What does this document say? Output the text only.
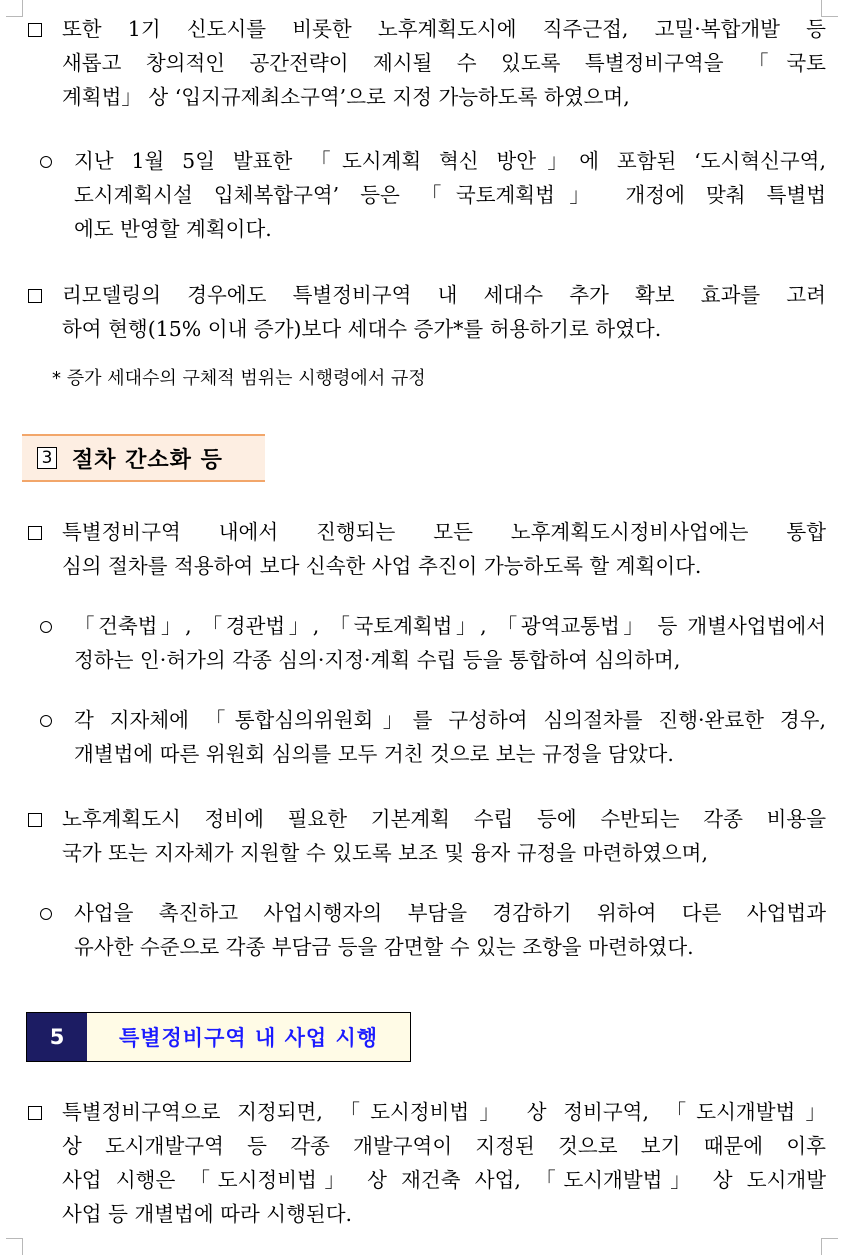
또한 1기 신도시를 비롯한 노후계획도시에 직주근접, 고밀·복합개발 등
새롭고 창의적인 공간전략이 제시될 수 있도록 특별정비구역을 「국토
계획법」 상 ‘입지규제최소구역’으로 지정 가능하도록 하였으며,
지난 1월 5일 발표한 「도시계획 혁신 방안」에 포함된 ‘도시혁신구역,
도시계획시설 입체복합구역’ 등은 「국토계획법」 개정에 맞춰 특별법
에도 반영할 계획이다.
리모델링의 경우에도 특별정비구역 내 세대수 추가 확보 효과를 고려
하여 현행(15% 이내 증가)보다 세대수 증가*를 허용하기로 하였다.
* 증가 세대수의 구체적 범위는 시행령에서 규정
3 절차 간소화 등
특별정비구역 내에서 진행되는 모든 노후계획도시정비사업에는 통합
심의 절차를 적용하여 보다 신속한 사업 추진이 가능하도록 할 계획이다.
「건축법」, 「경관법」, 「국토계획법」, 「광역교통법」 등 개별사업법에서
정하는 인·허가의 각종 심의·지정·계획 수립 등을 통합하여 심의하며,
각 지자체에 「통합심의위원회」를 구성하여 심의절차를 진행·완료한 경우,
개별법에 따른 위원회 심의를 모두 거친 것으로 보는 규정을 담았다.
노후계획도시 정비에 필요한 기본계획 수립 등에 수반되는 각종 비용을
국가 또는 지자체가 지원할 수 있도록 보조 및 융자 규정을 마련하였으며,
사업을 촉진하고 사업시행자의 부담을 경감하기 위하여 다른 사업법과
유사한 수준으로 각종 부담금 등을 감면할 수 있는 조항을 마련하였다.
5	특별정비구역 내 사업 시행
특별정비구역으로 지정되면, 「도시정비법」 상 정비구역, 「도시개발법」
상 도시개발구역 등 각종 개발구역이 지정된 것으로 보기 때문에 이후
사업 시행은 「도시정비법」 상 재건축 사업, 「도시개발법」 상 도시개발
사업 등 개별법에 따라 시행된다.
